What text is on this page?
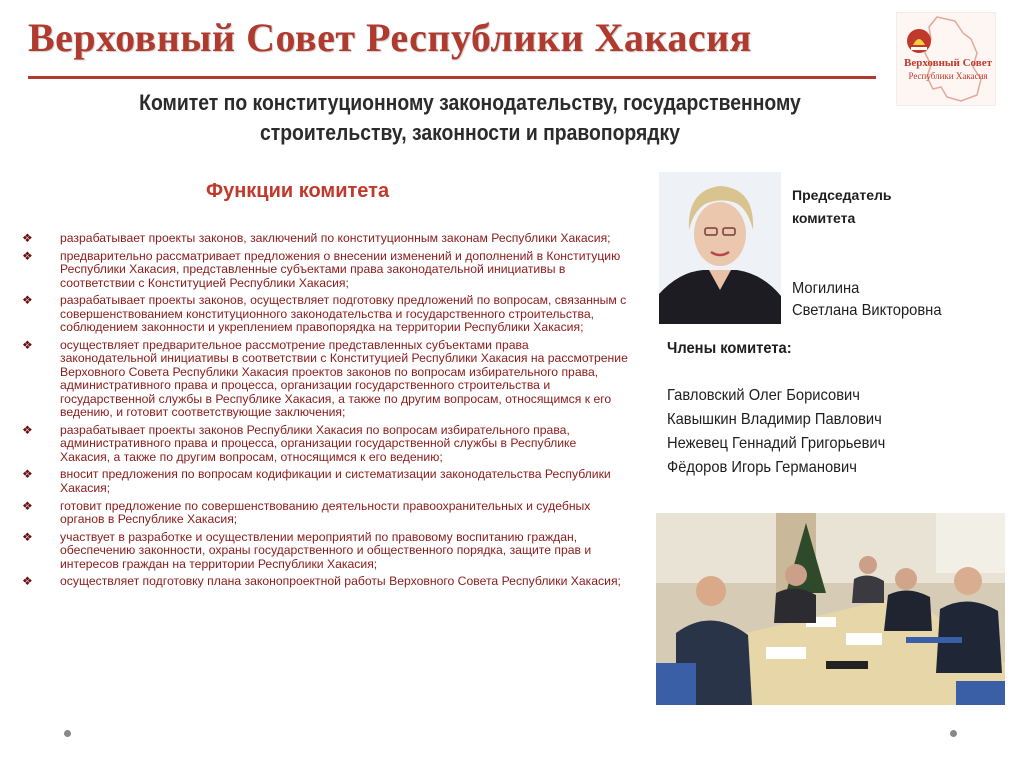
Верховный Совет Республики Хакасия
Верховный Совет
Республики Хакасия
Комитет по конституционному законодательству, государственному
строительству, законности и правопорядку
Функции комитета
❖ разрабатывает проекты законов, заключений по конституционным законам Республики Хакасия;
❖ предварительно рассматривает предложения о внесении изменений и дополнений в Конституцию Республики Хакасия, представленные субъектами права законодательной инициативы в соответствии с Конституцией Республики Хакасия;
❖ разрабатывает проекты законов, осуществляет подготовку предложений по вопросам, связанным с совершенствованием конституционного законодательства и государственного строительства, соблюдением законности и укреплением правопорядка на территории Республики Хакасия;
❖ осуществляет предварительное рассмотрение представленных субъектами права законодательной инициативы в соответствии с Конституцией Республики Хакасия на рассмотрение Верховного Совета Республики Хакасия проектов законов по вопросам избирательного права, административного права и процесса, организации государственного строительства и государственной службы в Республике Хакасия, а также по другим вопросам, относящимся к его ведению, и готовит соответствующие заключения;
❖ разрабатывает проекты законов Республики Хакасия по вопросам избирательного права, административного права и процесса, организации государственной службы в Республике Хакасия, а также по другим вопросам, относящимся к его ведению;
❖ вносит предложения по вопросам кодификации и систематизации законодательства Республики Хакасия;
❖ готовит предложение по совершенствованию деятельности правоохранительных и судебных органов в Республике Хакасия;
❖ участвует в разработке и осуществлении мероприятий по правовому воспитанию граждан, обеспечению законности, охраны государственного и общественного порядка, защите прав и интересов граждан на территории Республики Хакасия;
❖ осуществляет подготовку плана законопроектной работы Верховного Совета Республики Хакасия;
Председатель
комитета
Могилина
Светлана Викторовна
Члены комитета:
Гавловский Олег Борисович
Кавышкин Владимир Павлович
Нежевец Геннадий Григорьевич
Фёдоров Игорь Германович
